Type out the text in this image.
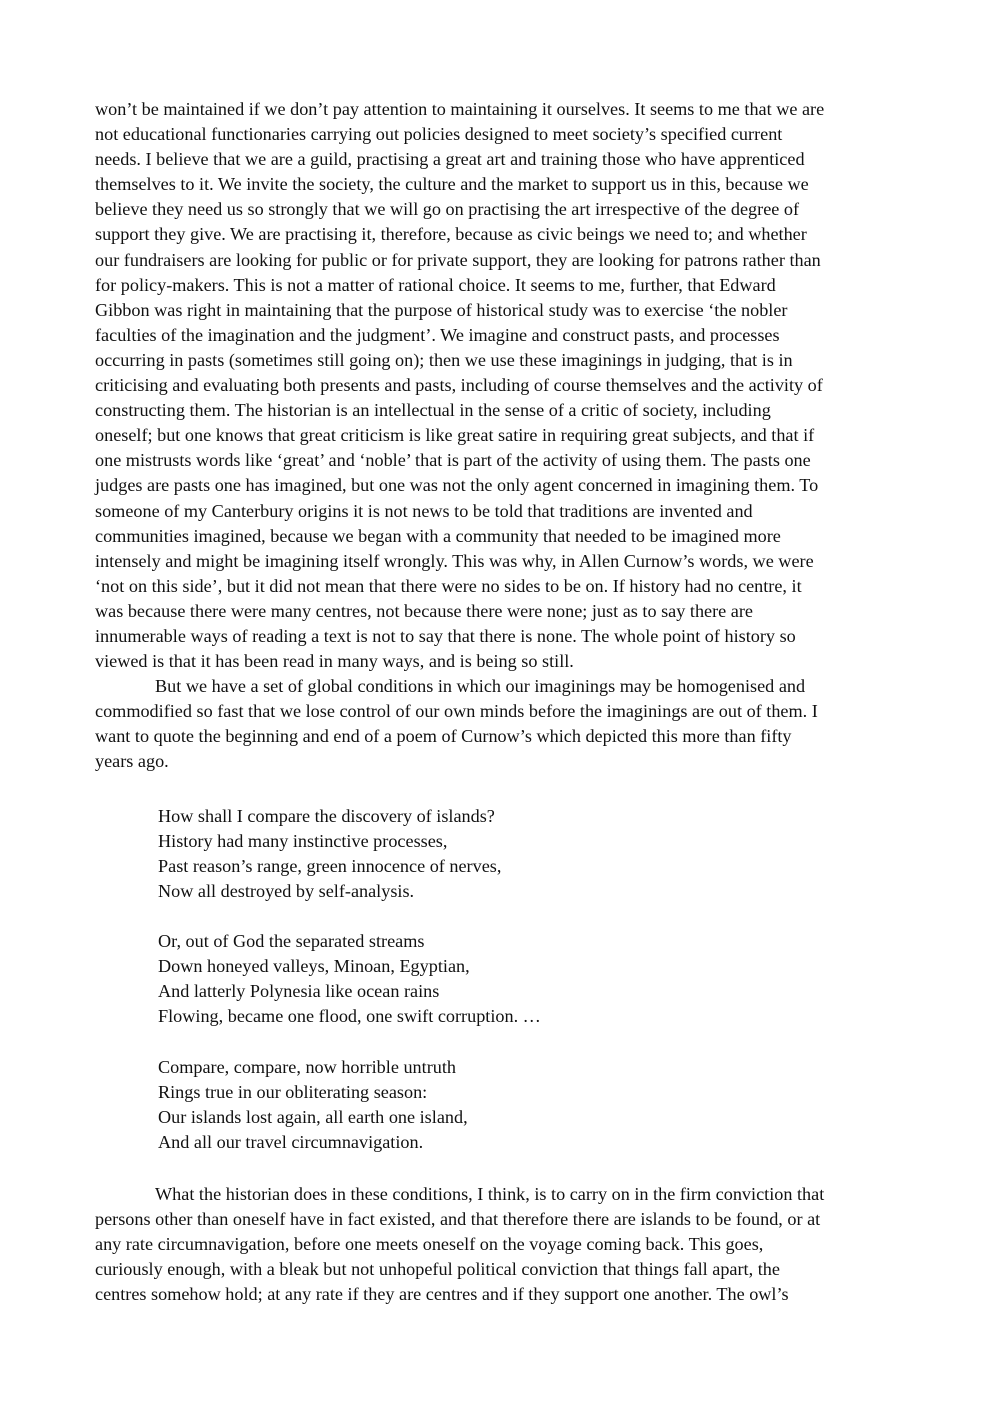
won’t be maintained if we don’t pay attention to maintaining it ourselves. It seems to me that we are
not educational functionaries carrying out policies designed to meet society’s specified current
needs. I believe that we are a guild, practising a great art and training those who have apprenticed
themselves to it. We invite the society, the culture and the market to support us in this, because we
believe they need us so strongly that we will go on practising the art irrespective of the degree of
support they give. We are practising it, therefore, because as civic beings we need to; and whether
our fundraisers are looking for public or for private support, they are looking for patrons rather than
for policy-makers. This is not a matter of rational choice. It seems to me, further, that Edward
Gibbon was right in maintaining that the purpose of historical study was to exercise ‘the nobler
faculties of the imagination and the judgment’. We imagine and construct pasts, and processes
occurring in pasts (sometimes still going on); then we use these imaginings in judging, that is in
criticising and evaluating both presents and pasts, including of course themselves and the activity of
constructing them. The historian is an intellectual in the sense of a critic of society, including
oneself; but one knows that great criticism is like great satire in requiring great subjects, and that if
one mistrusts words like ‘great’ and ‘noble’ that is part of the activity of using them. The pasts one
judges are pasts one has imagined, but one was not the only agent concerned in imagining them. To
someone of my Canterbury origins it is not news to be told that traditions are invented and
communities imagined, because we began with a community that needed to be imagined more
intensely and might be imagining itself wrongly. This was why, in Allen Curnow’s words, we were
‘not on this side’, but it did not mean that there were no sides to be on. If history had no centre, it
was because there were many centres, not because there were none; just as to say there are
innumerable ways of reading a text is not to say that there is none. The whole point of history so
viewed is that it has been read in many ways, and is being so still.
But we have a set of global conditions in which our imaginings may be homogenised and
commodified so fast that we lose control of our own minds before the imaginings are out of them. I
want to quote the beginning and end of a poem of Curnow’s which depicted this more than fifty
years ago.
How shall I compare the discovery of islands?
History had many instinctive processes,
Past reason’s range, green innocence of nerves,
Now all destroyed by self-analysis.
Or, out of God the separated streams
Down honeyed valleys, Minoan, Egyptian,
And latterly Polynesia like ocean rains
Flowing, became one flood, one swift corruption. …
Compare, compare, now horrible untruth
Rings true in our obliterating season:
Our islands lost again, all earth one island,
And all our travel circumnavigation.
What the historian does in these conditions, I think, is to carry on in the firm conviction that
persons other than oneself have in fact existed, and that therefore there are islands to be found, or at
any rate circumnavigation, before one meets oneself on the voyage coming back. This goes,
curiously enough, with a bleak but not unhopeful political conviction that things fall apart, the
centres somehow hold; at any rate if they are centres and if they support one another. The owl’s
